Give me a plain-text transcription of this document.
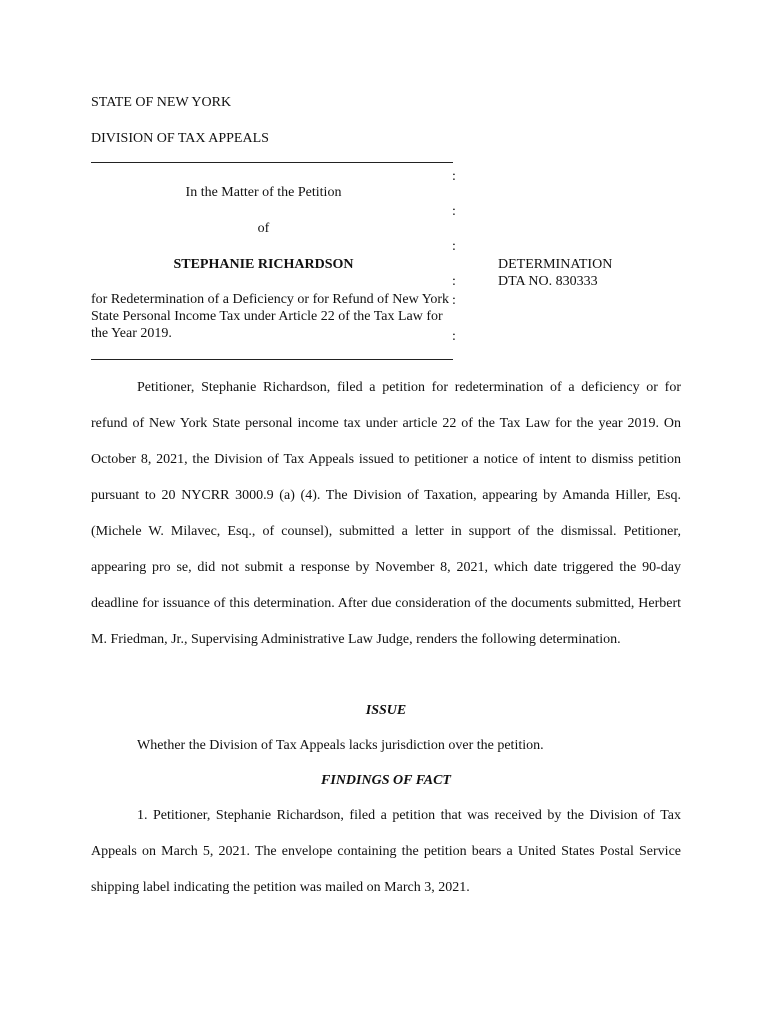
STATE OF NEW YORK
DIVISION OF TAX APPEALS
:
:
:
:
:
:
In the Matter of the Petition
of
STEPHANIE RICHARDSON
for Redetermination of a Deficiency or for Refund of New York State Personal Income Tax under Article 22 of the Tax Law for the Year 2019.
DETERMINATION
DTA NO. 830333

Petitioner, Stephanie Richardson, filed a petition for redetermination of a deficiency or for refund of New York State personal income tax under article 22 of the Tax Law for the year 2019. On October 8, 2021, the Division of Tax Appeals issued to petitioner a notice of intent to dismiss petition pursuant to 20 NYCRR 3000.9 (a) (4). The Division of Taxation, appearing by Amanda Hiller, Esq. (Michele W. Milavec, Esq., of counsel), submitted a letter in support of the dismissal. Petitioner, appearing pro se, did not submit a response by November 8, 2021, which date triggered the 90-day deadline for issuance of this determination. After due consideration of the documents submitted, Herbert M. Friedman, Jr., Supervising Administrative Law Judge, renders the following determination.

ISSUE
Whether the Division of Tax Appeals lacks jurisdiction over the petition.
FINDINGS OF FACT

1. Petitioner, Stephanie Richardson, filed a petition that was received by the Division of Tax Appeals on March 5, 2021. The envelope containing the petition bears a United States Postal Service shipping label indicating the petition was mailed on March 3, 2021.
